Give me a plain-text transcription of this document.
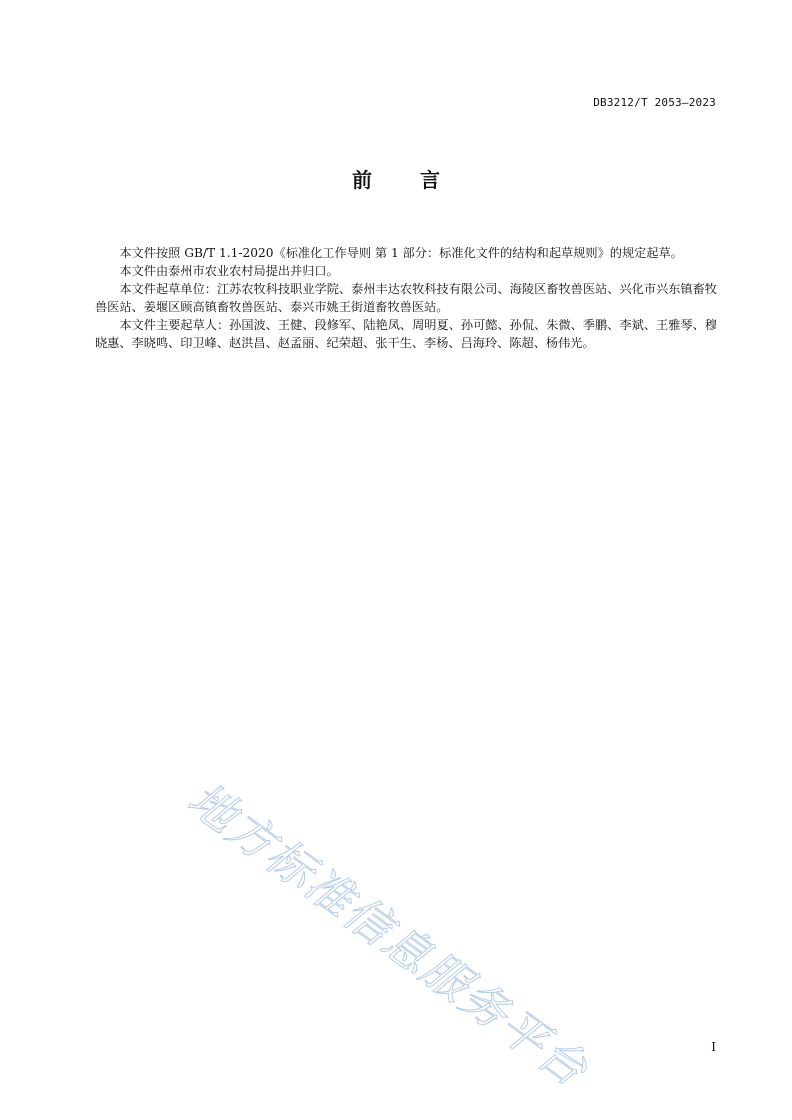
DB3212/T 2053—2023
前言

本文件按照 GB/T 1.1-2020《标准化工作导则 第 1 部分：标准化文件的结构和起草规则》的规定起草。

本文件由泰州市农业农村局提出并归口。

本文件起草单位：江苏农牧科技职业学院、泰州丰达农牧科技有限公司、海陵区畜牧兽医站、兴化市兴东镇畜牧兽医站、姜堰区顾高镇畜牧兽医站、泰兴市姚王街道畜牧兽医站。

本文件主要起草人：孙国波、王健、段修军、陆艳凤、周明夏、孙可懿、孙侃、朱微、季鹏、李斌、王雅琴、穆晓惠、李晓鸣、印卫峰、赵洪昌、赵孟丽、纪荣超、张干生、李杨、吕海玲、陈超、杨伟光。

地方标准信息服务平台	I
